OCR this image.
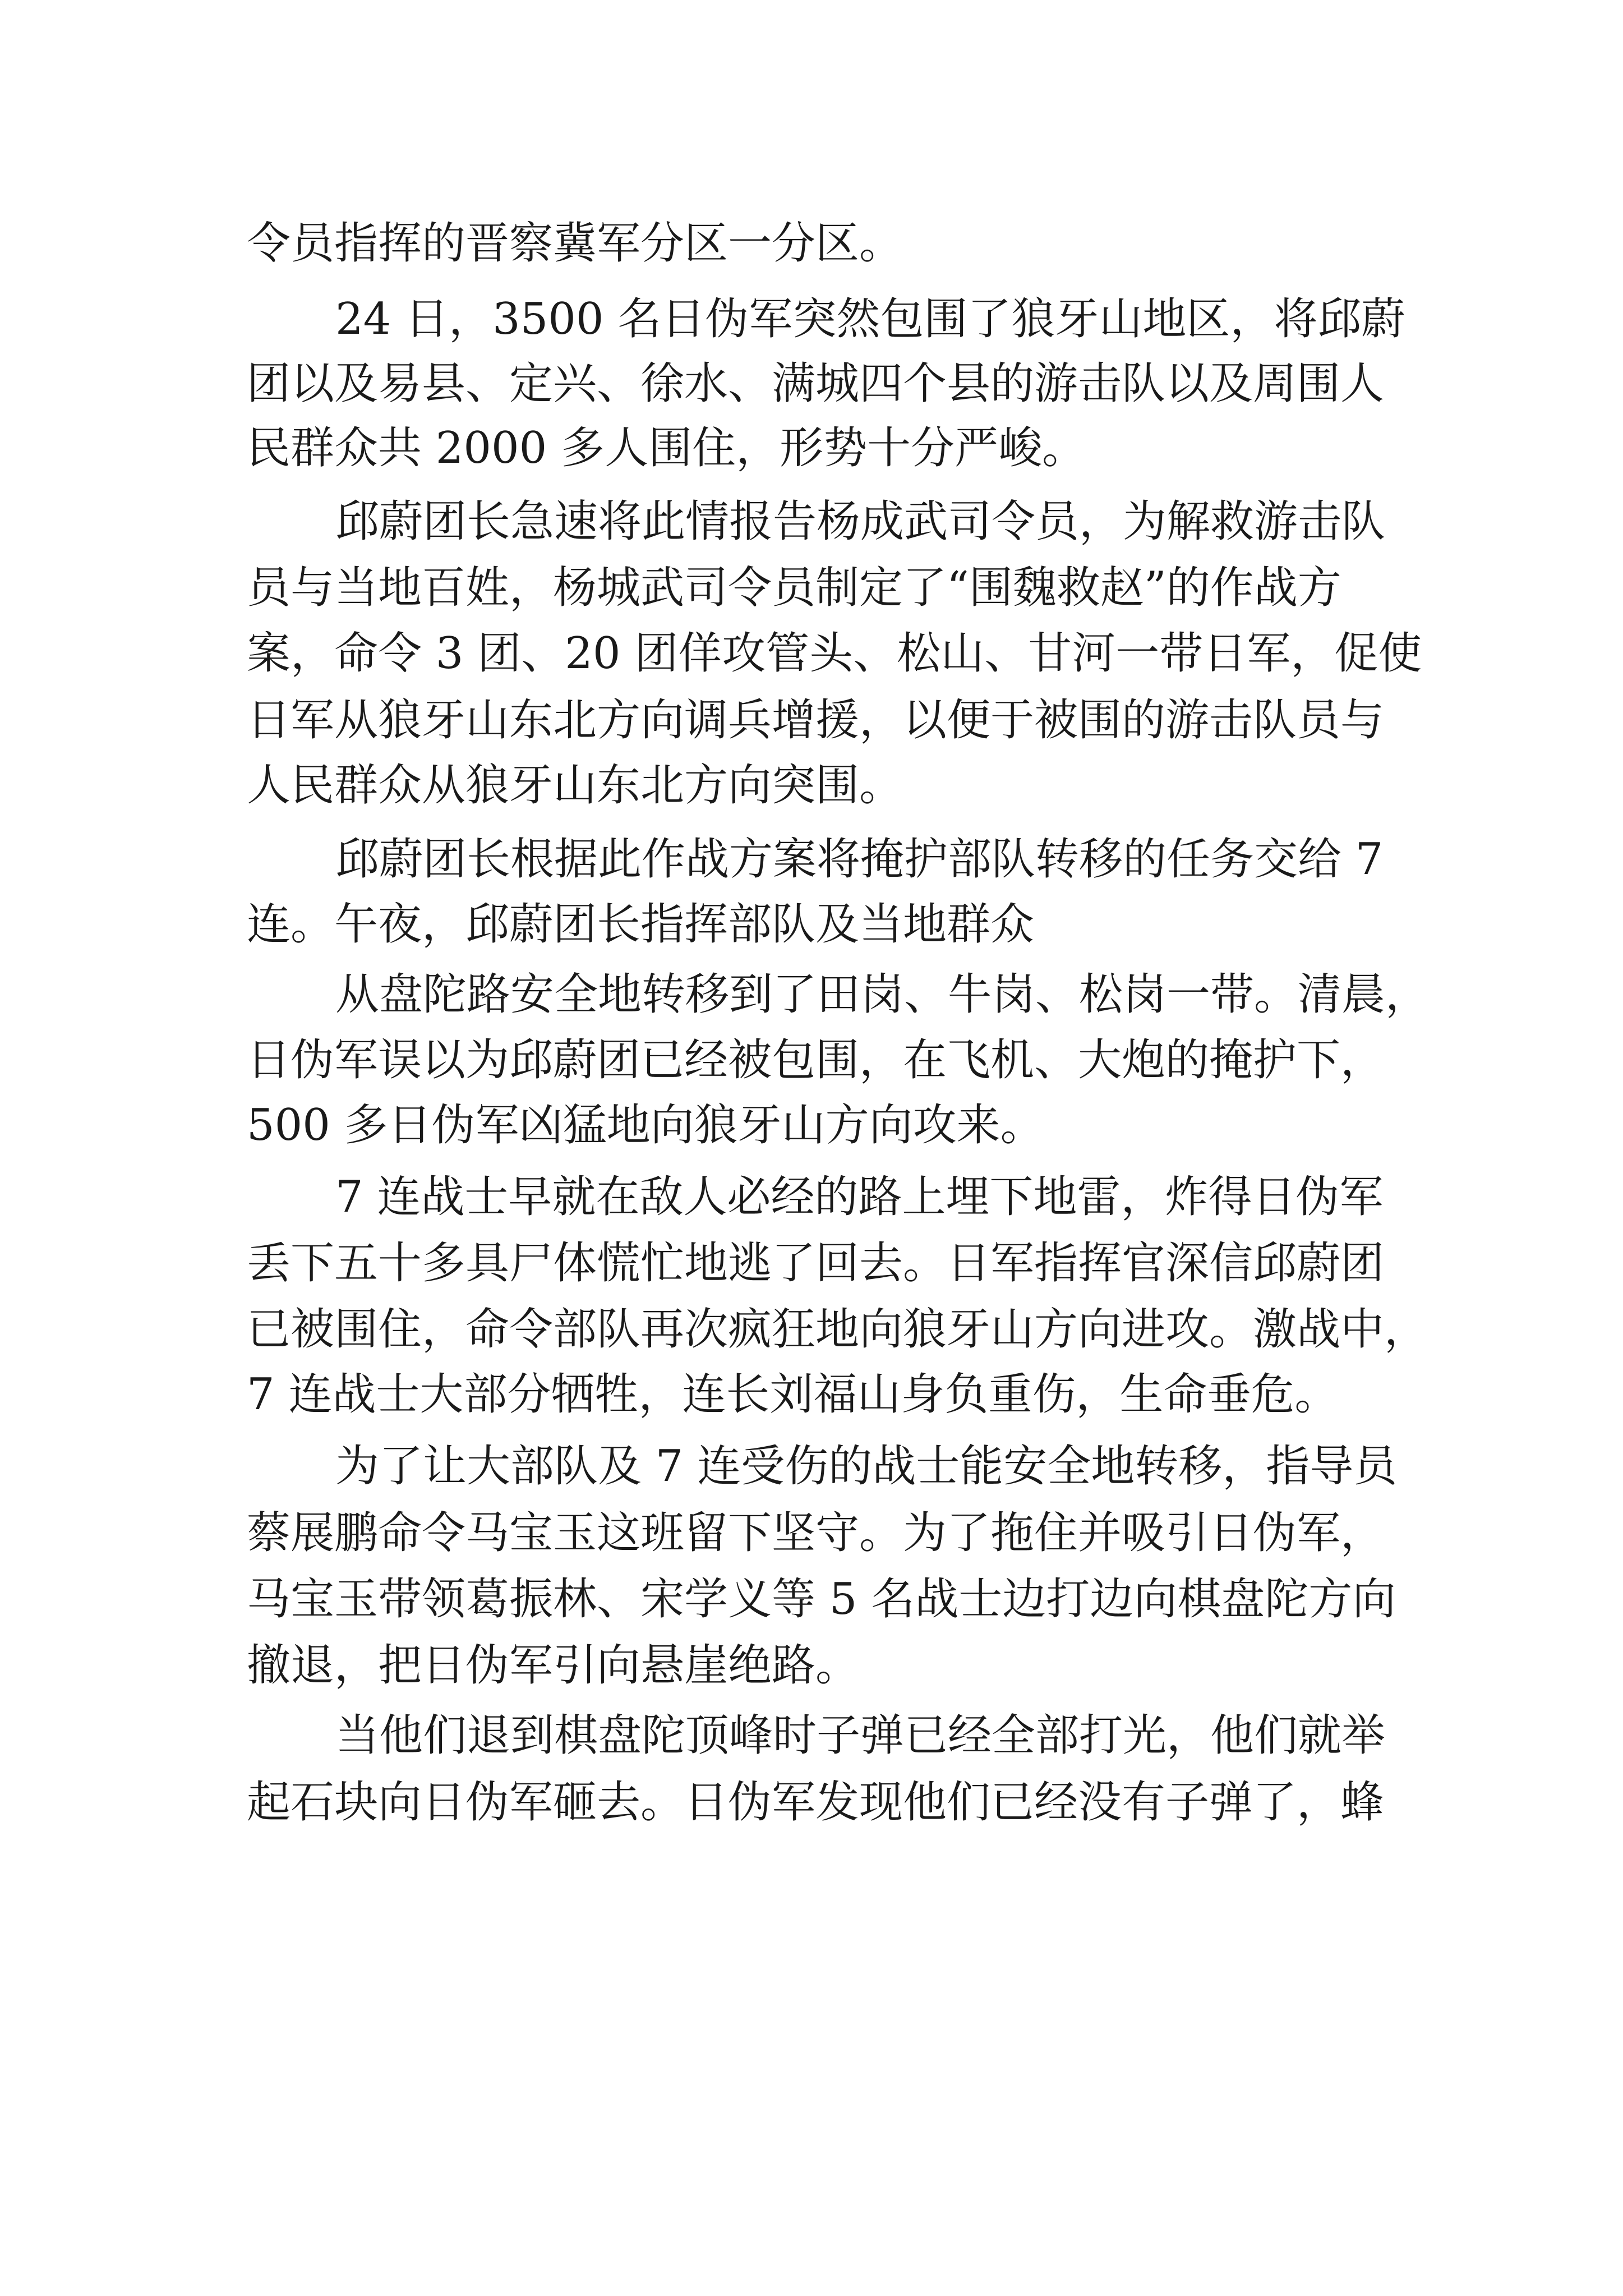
令员指挥的晋察冀军分区一分区。

24 日，3500 名日伪军突然包围了狼牙山地区，将邱蔚

团以及易县、定兴、徐水、满城四个县的游击队以及周围人

民群众共 2000 多人围住，形势十分严峻。

邱蔚团长急速将此情报告杨成武司令员，为解救游击队

员与当地百姓，杨城武司令员制定了“围魏救赵”的作战方

案，命令 3 团、20 团佯攻管头、松山、甘河一带日军，促使

日军从狼牙山东北方向调兵增援，以便于被围的游击队员与

人民群众从狼牙山东北方向突围。

邱蔚团长根据此作战方案将掩护部队转移的任务交给 7

连。午夜，邱蔚团长指挥部队及当地群众

从盘陀路安全地转移到了田岗、牛岗、松岗一带。清晨，

日伪军误以为邱蔚团已经被包围，在飞机、大炮的掩护下，

500 多日伪军凶猛地向狼牙山方向攻来。

7 连战士早就在敌人必经的路上埋下地雷，炸得日伪军

丢下五十多具尸体慌忙地逃了回去。日军指挥官深信邱蔚团

已被围住，命令部队再次疯狂地向狼牙山方向进攻。激战中，

7 连战士大部分牺牲，连长刘福山身负重伤，生命垂危。

为了让大部队及 7 连受伤的战士能安全地转移，指导员

蔡展鹏命令马宝玉这班留下坚守。为了拖住并吸引日伪军，

马宝玉带领葛振林、宋学义等 5 名战士边打边向棋盘陀方向

撤退，把日伪军引向悬崖绝路。

当他们退到棋盘陀顶峰时子弹已经全部打光，他们就举

起石块向日伪军砸去。日伪军发现他们已经没有子弹了，蜂
